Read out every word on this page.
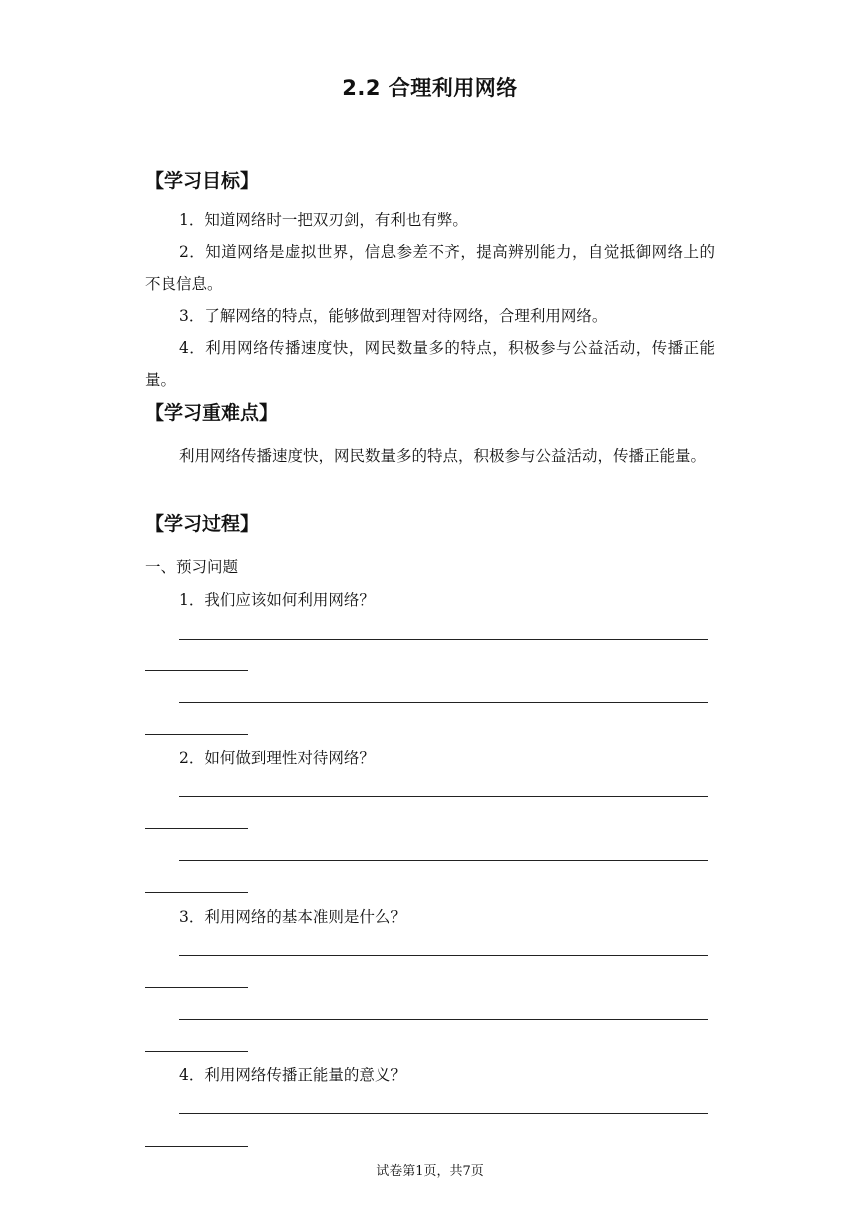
2.2 合理利用网络
【学习目标】
1．知道网络时一把双刃剑，有利也有弊。
2．知道网络是虚拟世界，信息参差不齐，提高辨别能力，自觉抵御网络上的不良信息。
3．了解网络的特点，能够做到理智对待网络，合理利用网络。
4．利用网络传播速度快，网民数量多的特点，积极参与公益活动，传播正能量。
【学习重难点】
利用网络传播速度快，网民数量多的特点，积极参与公益活动，传播正能量。
【学习过程】
一、预习问题
1．我们应该如何利用网络？
2．如何做到理性对待网络？
3．利用网络的基本准则是什么？
4．利用网络传播正能量的意义？
试卷第1页，共7页
